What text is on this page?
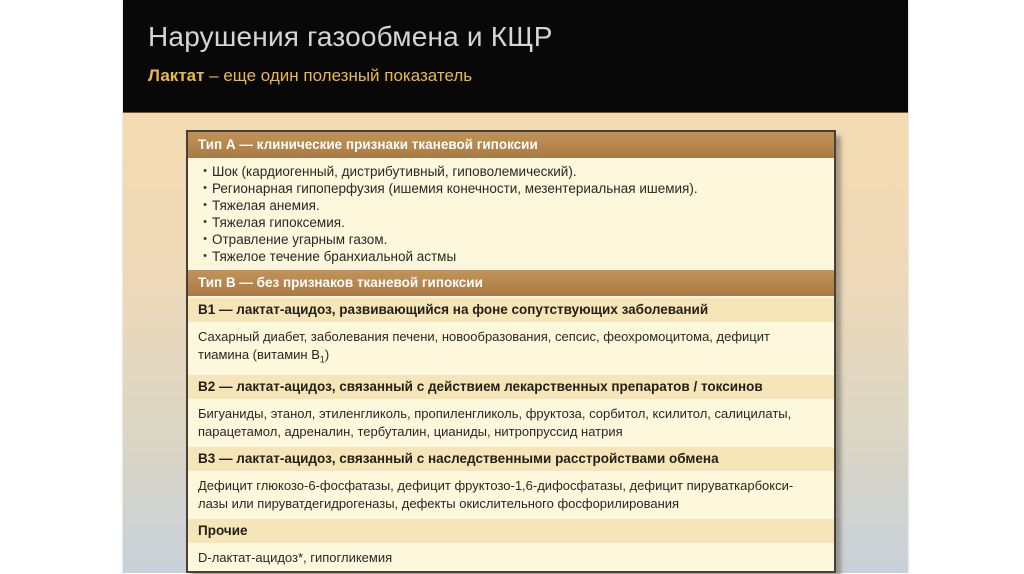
Нарушения газообмена и КЩР
Лактат – еще один полезный показатель
Тип А — клинические признаки тканевой гипоксии
• Шок (кардиогенный, дистрибутивный, гиповолемический).
• Регионарная гипоперфузия (ишемия конечности, мезентериальная ишемия).
• Тяжелая анемия.
• Тяжелая гипоксемия.
• Отравление угарным газом.
• Тяжелое течение бранхиальной астмы
Тип В — без признаков тканевой гипоксии
В1 — лактат-ацидоз, развивающийся на фоне сопутствующих заболеваний
Сахарный диабет, заболевания печени, новообразования, сепсис, феохромоцитома, дефицит
тиамина (витамин $В_1$)
В2 — лактат-ацидоз, связанный с действием лекарственных препаратов / токсинов
Бигуаниды, этанол, этиленгликоль, пропиленгликоль, фруктоза, сорбитол, ксилитол, салицилаты,
парацетамол, адреналин, тербуталин, цианиды, нитропруссид натрия
В3 — лактат-ацидоз, связанный с наследственными расстройствами обмена
Дефицит глюкозо-6-фосфатазы, дефицит фруктозо-1,6-дифосфатазы, дефицит пируваткарбокси-
лазы или пируватдегидрогеназы, дефекты окислительного фосфорилирования
Прочие
D-лактат-ацидоз*, гипогликемия
